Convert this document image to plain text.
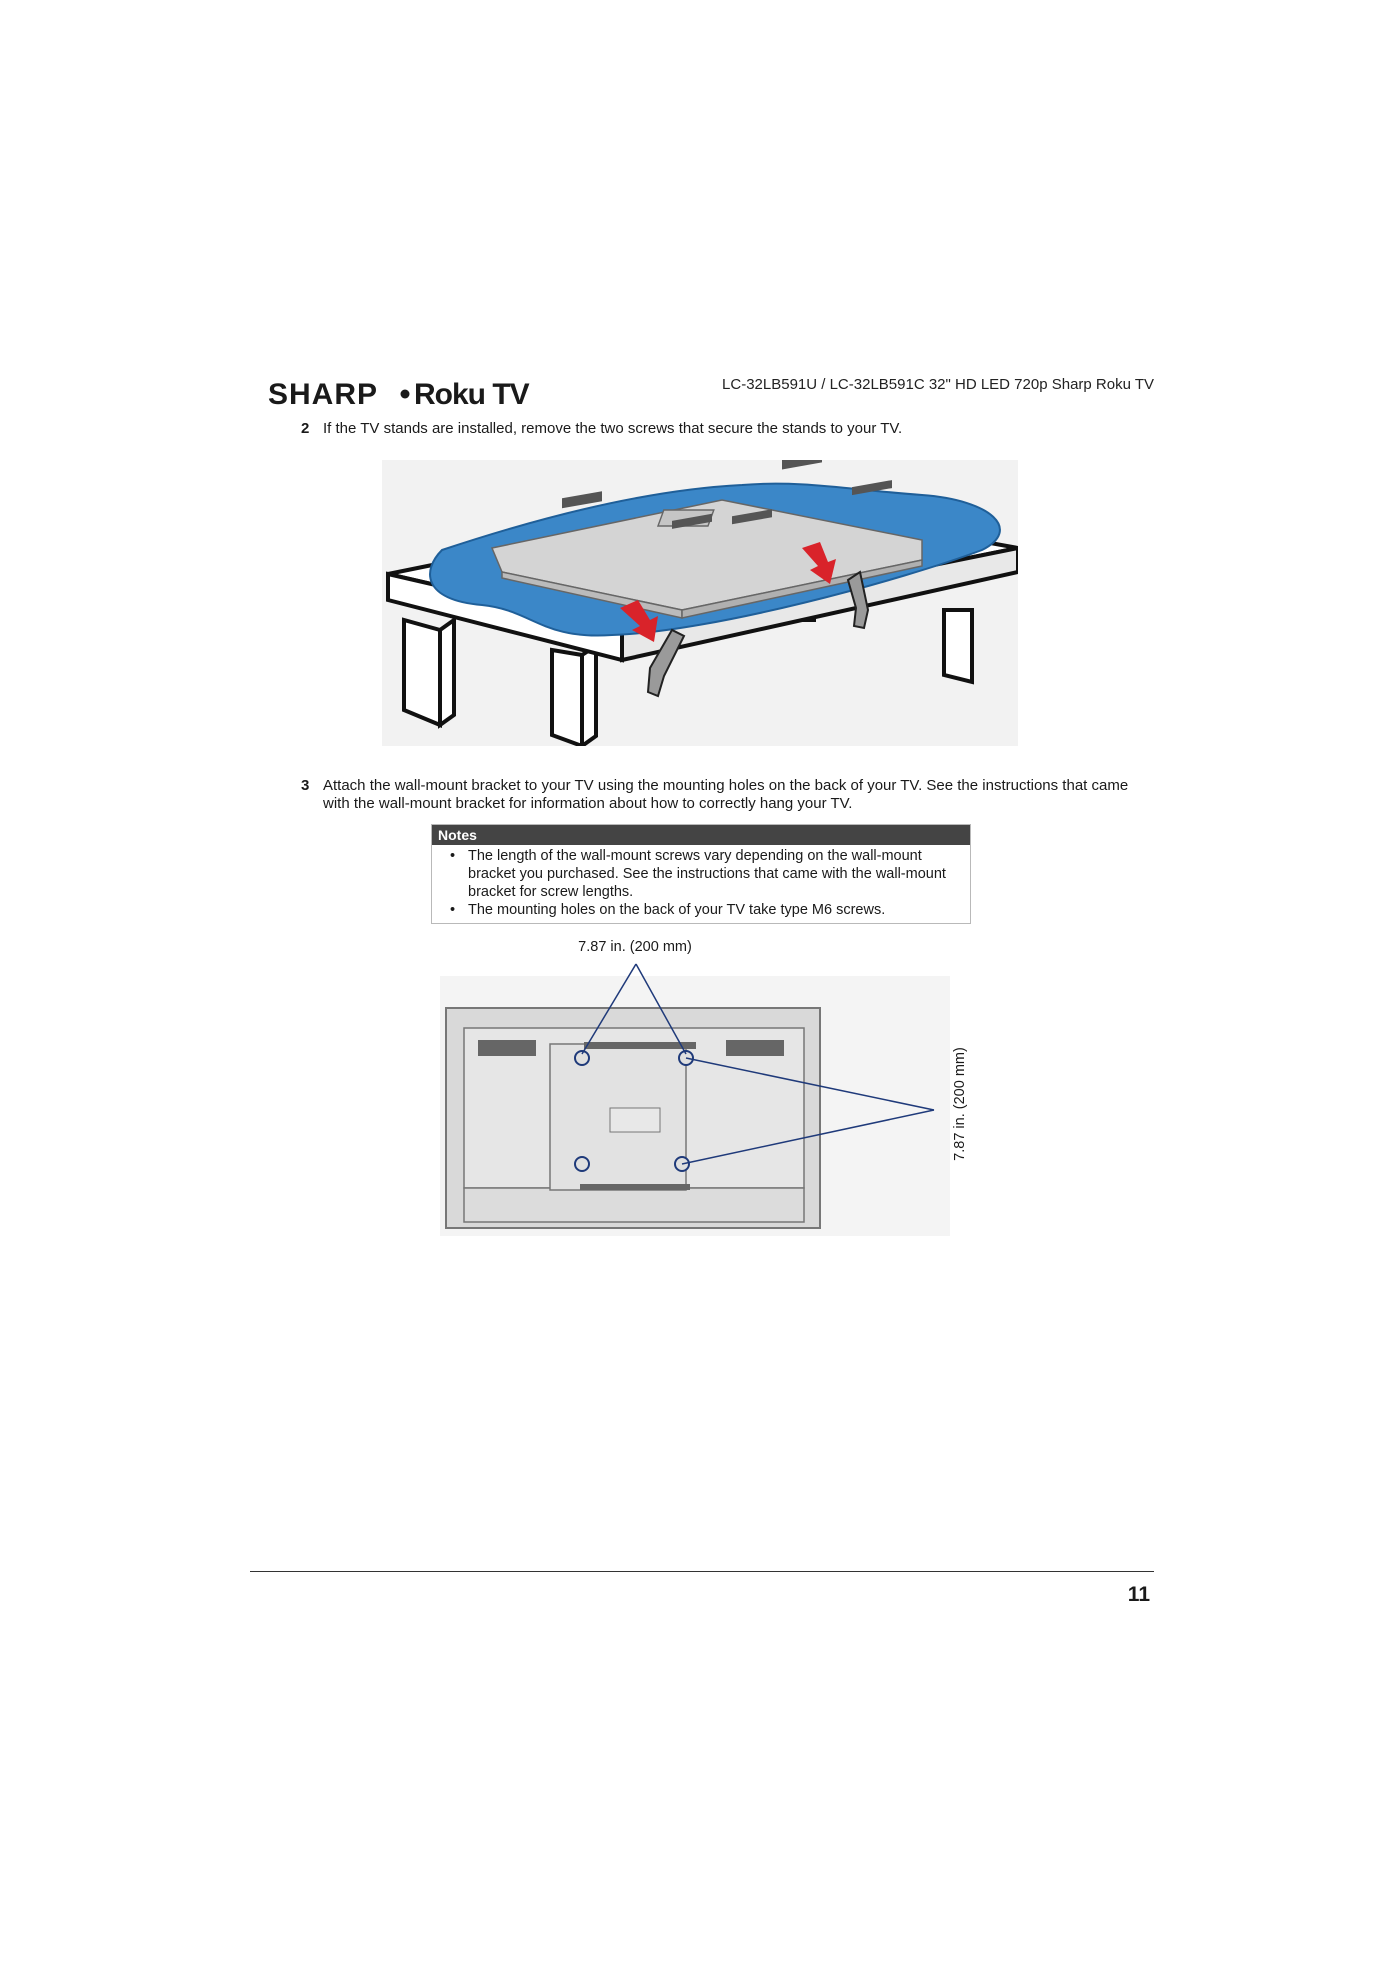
SHARP Roku TV	LC-32LB591U / LC-32LB591C 32" HD LED 720p Sharp Roku TV
2 If the TV stands are installed, remove the two screws that secure the stands to your TV.
3 Attach the wall-mount bracket to your TV using the mounting holes on the back of your TV. See the instructions that came with the wall-mount bracket for information about how to correctly hang your TV.
Notes
• The length of the wall-mount screws vary depending on the wall-mount bracket you purchased. See the instructions that came with the wall-mount bracket for screw lengths.
• The mounting holes on the back of your TV take type M6 screws.
7.87 in. (200 mm)
7.87 in. (200 mm)
11
